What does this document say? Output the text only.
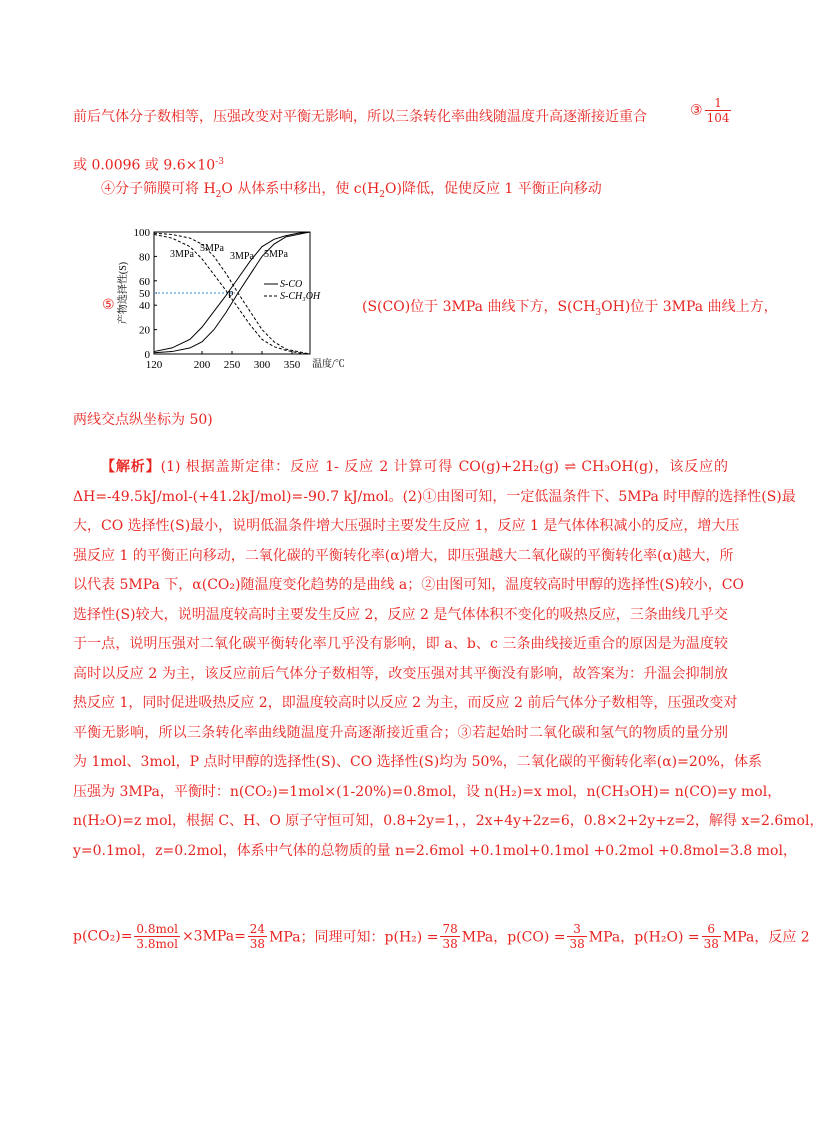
前后气体分子数相等，压强改变对平衡无影响，所以三条转化率曲线随温度升高逐渐接近重合	③ $\frac{1}{104}$
或 0.0096 或 $9.6\times 10^{-3}$
④分子筛膜可将 $H_2O$ 从体系中移出，使 $c(H_2O)$降低，促使反应 1 平衡正向移动
⑤
0
20
40
50
60
80
100
120	200 250 300 350 温度/℃
产物选择性(S)
3MPa
5MPa
3MPa 5MPa
P
S-CO
S-CH₃OH
(S(CO)位于 3MPa 曲线下方，$S(CH_3OH)$位于 3MPa 曲线上方，
两线交点纵坐标为 50)
【解析】(1) 根据盖斯定律：反应 1- 反应 2 计算可得 CO(g)+2H₂(g) ⇌ CH₃OH(g)，该反应的
ΔH=-49.5kJ/mol-(+41.2kJ/mol)=-90.7 kJ/mol。(2)①由图可知，一定低温条件下、5MPa 时甲醇的选择性(S)最
大，CO 选择性(S)最小，说明低温条件增大压强时主要发生反应 1，反应 1 是气体体积减小的反应，增大压
强反应 1 的平衡正向移动，二氧化碳的平衡转化率(α)增大，即压强越大二氧化碳的平衡转化率(α)越大，所
以代表 5MPa 下，α(CO₂)随温度变化趋势的是曲线 a；②由图可知，温度较高时甲醇的选择性(S)较小，CO
选择性(S)较大，说明温度较高时主要发生反应 2，反应 2 是气体体积不变化的吸热反应，三条曲线几乎交
于一点，说明压强对二氧化碳平衡转化率几乎没有影响，即 a、b、c 三条曲线接近重合的原因是为温度较
高时以反应 2 为主，该反应前后气体分子数相等，改变压强对其平衡没有影响，故答案为：升温会抑制放
热反应 1，同时促进吸热反应 2，即温度较高时以反应 2 为主，而反应 2 前后气体分子数相等，压强改变对
平衡无影响，所以三条转化率曲线随温度升高逐渐接近重合；③若起始时二氧化碳和氢气的物质的量分别
为 1mol、3mol，P 点时甲醇的选择性(S)、CO 选择性(S)均为 50%，二氧化碳的平衡转化率(α)=20%，体系
压强为 3MPa，平衡时：n(CO₂)=1mol×(1-20%)=0.8mol，设 n(H₂)=x mol，n(CH₃OH)= n(CO)=y mol，
n(H₂O)=z mol，根据 C、H、O 原子守恒可知，0.8+2y=1，，2x+4y+2z=6，0.8×2+2y+z=2，解得 x=2.6mol，
y=0.1mol，z=0.2mol，体系中气体的总物质的量 n=2.6mol +0.1mol+0.1mol +0.2mol +0.8mol=3.8 mol，
$p(CO_2)= \frac{\text{0.8mol}}{\text{3.8mol}} \times 3MPa= \frac{24}{38}$ MPa；同理可知：$p(H_2) = \frac{78}{38}$ MPa，$p(CO) = \frac{3}{38}$ MPa，$p(H_2O) = \frac{6}{38}$ MPa，反应 2
